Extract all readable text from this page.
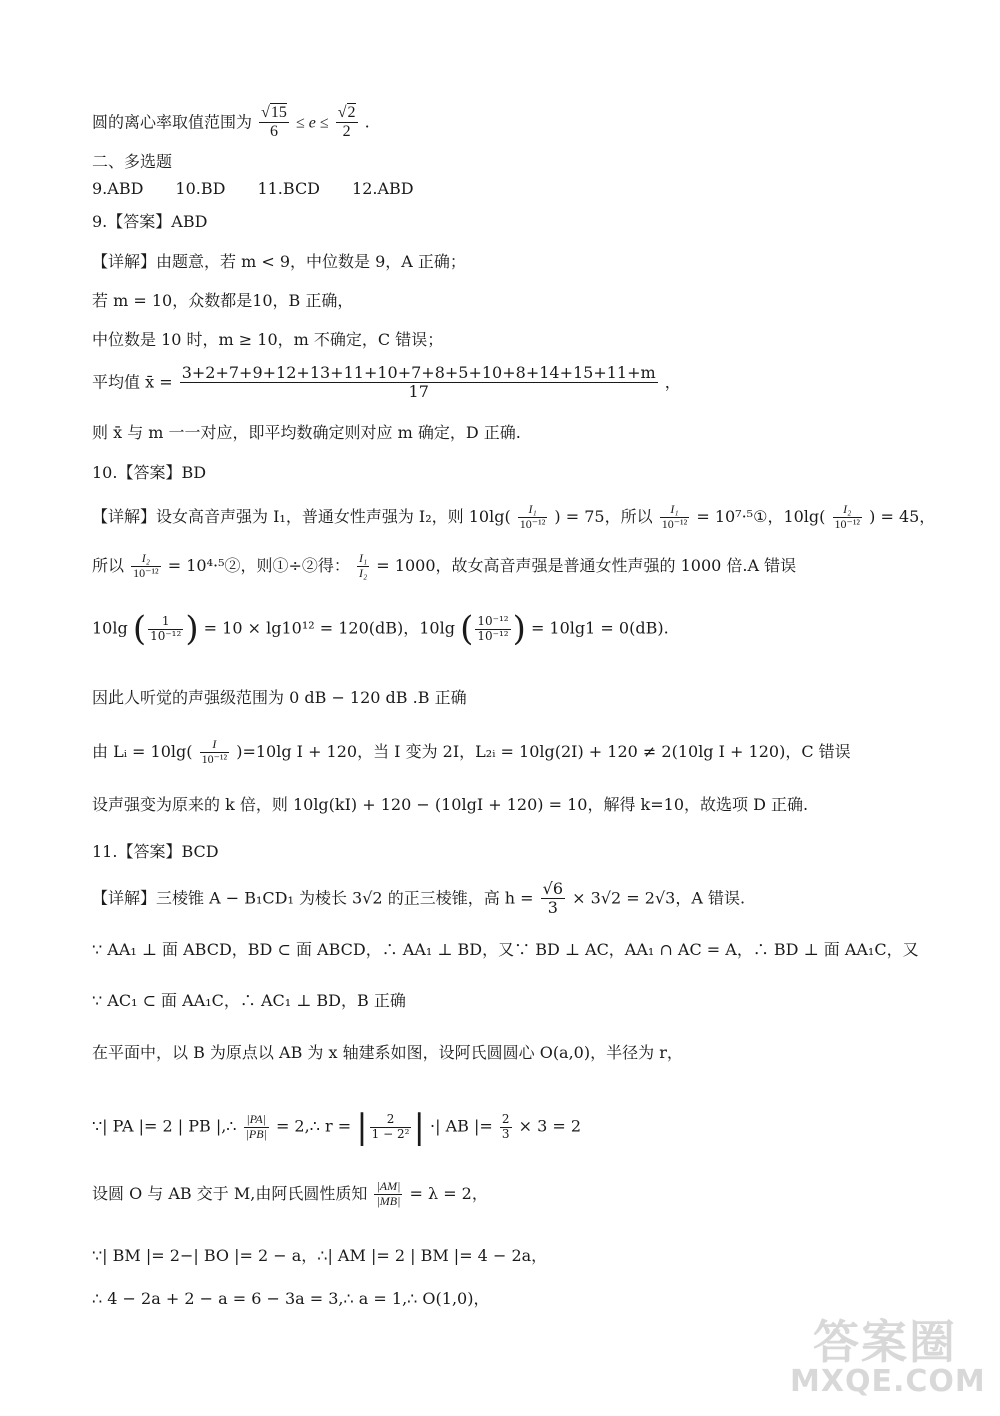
圆的离心率取值范围为 $\frac{√15}{6} \le e \le \frac{√2}{2}$ .
二、多选题
9.ABD　　10.BD　　11.BCD　　12.ABD
9.【答案】ABD
【详解】由题意，若 m < 9，中位数是 9，A 正确；
若 m = 10，众数都是10，B 正确，
中位数是 10 时，m ≥ 10，m 不确定，C 错误；
平均值 x̄ = $\frac{3+2+7+9+12+13+11+10+7+8+5+10+8+14+15+11+m}{17}$ ，
则 x̄ 与 m 一一对应，即平均数确定则对应 m 确定，D 正确.
10.【答案】BD
【详解】设女高音声强为 I₁，普通女性声强为 I₂，则 $10\lg( \frac{\text{I₁}}{\text{10⁻¹²}}$ ) = 75，所以 $\frac{\text{I₁}}{\text{10⁻¹²}}$ = 10⁷·⁵①，$10\lg( \frac{\text{I₂}}{\text{10⁻¹²}}$ ) = 45，
所以 $\frac{\text{I₂}}{\text{10⁻¹²}}$ = 10⁴·⁵②，则①÷②得： $\frac{\text{I₁}}{\text{I₂}} = 1000$，故女高音声强是普通女性声强的 1000 倍.A 错误
10lg ( $\frac{1}{\text{10⁻¹²}}$ ) = 10 × lg10¹² = 120(dB)，10lg ( $\frac{\text{10⁻¹²}}{\text{10⁻¹²}}$ ) = 10lg1 = 0(dB).
因此人听觉的声强级范围为 0 dB − 120 dB .B 正确
由 Lᵢ = $10\lg( \frac{I}{\text{10⁻¹²}} )=10\lg$ I + 120，当 I 变为 2I，L₂ᵢ = 10lg(2I) + 120 ≠ 2(10lg I + 120)，C 错误
设声强变为原来的 k 倍，则 10lg(kI) + 120 − (10lgI + 120) = 10，解得 k=10，故选项 D 正确.
11.【答案】BCD
【详解】三棱锥 A − B₁CD₁ 为棱长 3√2 的正三棱锥，高 $h = \frac{√6}{3} \times 3√2 = 2√3$，A 错误.
∵ AA₁ ⊥ 面 ABCD，BD ⊂ 面 ABCD，∴ AA₁ ⊥ BD，又∵ BD ⊥ AC，AA₁ ∩ AC = A，∴ BD ⊥ 面 AA₁C，又
∵ AC₁ ⊂ 面 AA₁C，∴ AC₁ ⊥ BD，B 正确
在平面中，以 B 为原点以 AB 为 x 轴建系如图，设阿氏圆圆心 O(a,0)，半径为 r，
∵| PA |= 2 | PB |,∴ $\frac{|PA|}{|PB|}$ = 2,∴ r = | $\frac{2}{\text{1 − 2²}}$ | ·| AB |= $\frac{2}{3} \times 3 = 2$
设圆 O 与 AB 交于 M,由阿氏圆性质知 $\frac{|AM|}{|MB|} = \lambda = 2$，
∵| BM |= 2−| BO |= 2 − a，∴| AM |= 2 | BM |= 4 − 2a，
∴ 4 − 2a + 2 − a = 6 − 3a = 3,∴ a = 1,∴ O(1,0)，
答案圈
MXQE.COM
